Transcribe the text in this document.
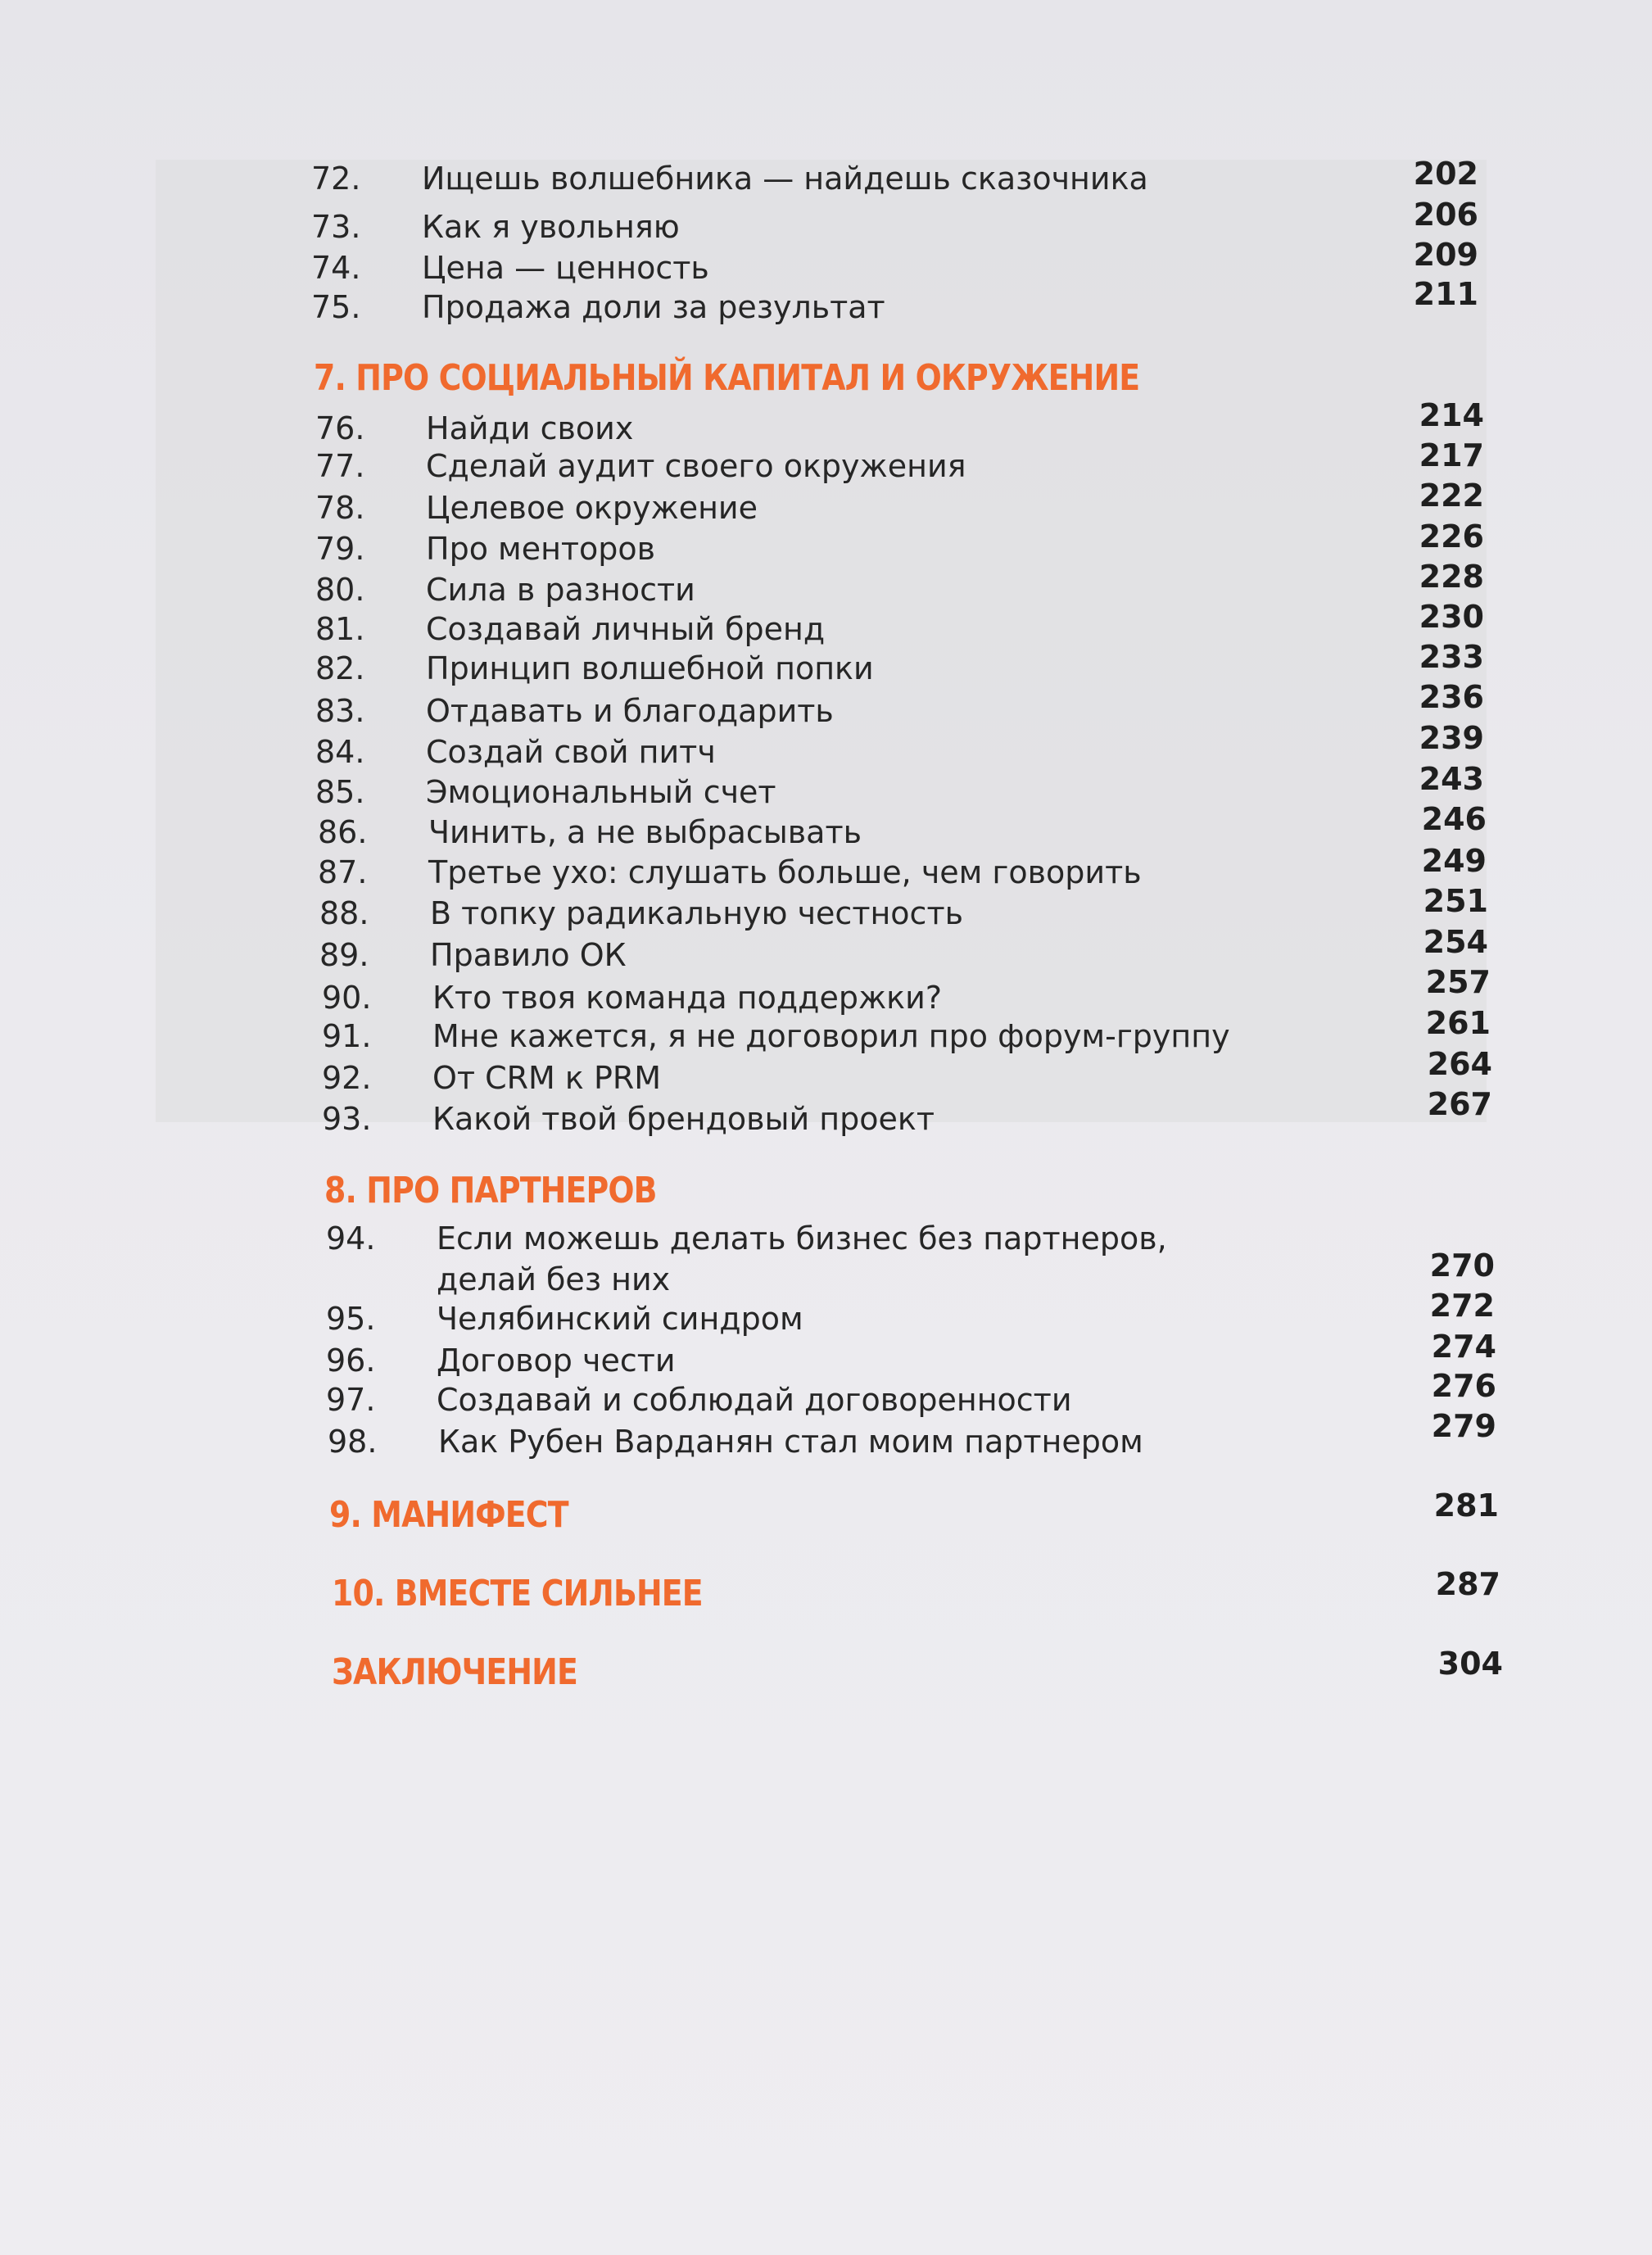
72. Ищешь волшебника — найдешь сказочника	202
73. Как я увольняю	206
74. Цена — ценность	209
75. Продажа доли за результат	211
7. ПРО СОЦИАЛЬНЫЙ КАПИТАЛ И ОКРУЖЕНИЕ
76. Найди своих	214
77. Сделай аудит своего окружения	217
78. Целевое окружение	222
79. Про менторов	226
80. Сила в разности	228
81. Создавай личный бренд	230
82. Принцип волшебной попки	233
83. Отдавать и благодарить	236
84. Создай свой питч	239
85. Эмоциональный счет	243
86. Чинить, а не выбрасывать	246
87. Третье ухо: слушать больше, чем говорить	249
88. В топку радикальную честность	251
89. Правило ОК	254
90. Кто твоя команда поддержки?	257
91. Мне кажется, я не договорил про форум-группу	261
92. От CRM к PRM	264
93. Какой твой брендовый проект	267
8. ПРО ПАРТНЕРОВ
94. Если можешь делать бизнес без партнеров,
делай без них	270
95. Челябинский синдром	272
96. Договор чести	274
97. Создавай и соблюдай договоренности	276
98. Как Рубен Варданян стал моим партнером	279
9. МАНИФЕСТ	281
10. ВМЕСТЕ СИЛЬНЕЕ	287
ЗАКЛЮЧЕНИЕ	304
